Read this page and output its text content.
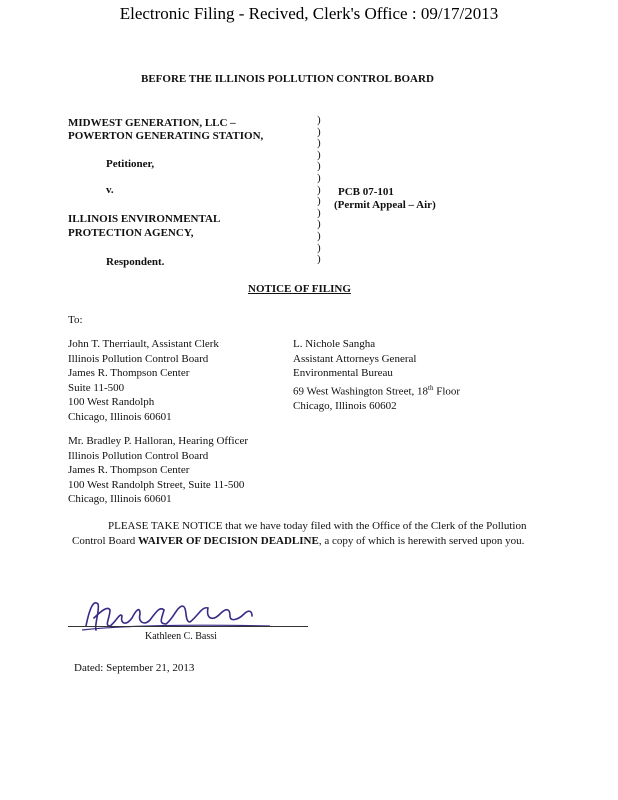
Electronic Filing - Recived, Clerk's Office : 09/17/2013
BEFORE THE ILLINOIS POLLUTION CONTROL BOARD
MIDWEST GENERATION, LLC –
POWERTON GENERATING STATION,
Petitioner,
v.
ILLINOIS ENVIRONMENTAL
PROTECTION AGENCY,
Respondent.
)
)
)
)
)
)
)
)
)
)
)
)
)
PCB 07-101
(Permit Appeal – Air)
NOTICE OF FILING
To:
John T. Therriault, Assistant Clerk
Illinois Pollution Control Board
James R. Thompson Center
Suite 11-500
100 West Randolph
Chicago, Illinois 60601
L. Nichole Sangha
Assistant Attorneys General
Environmental Bureau
69 West Washington Street, 18th Floor
Chicago, Illinois 60602
Mr. Bradley P. Halloran, Hearing Officer
Illinois Pollution Control Board
James R. Thompson Center
100 West Randolph Street, Suite 11-500
Chicago, Illinois 60601
PLEASE TAKE NOTICE that we have today filed with the Office of the Clerk of the Pollution Control Board WAIVER OF DECISION DEADLINE, a copy of which is herewith served upon you.
Kathleen C. Bassi
Dated: September 21, 2013
